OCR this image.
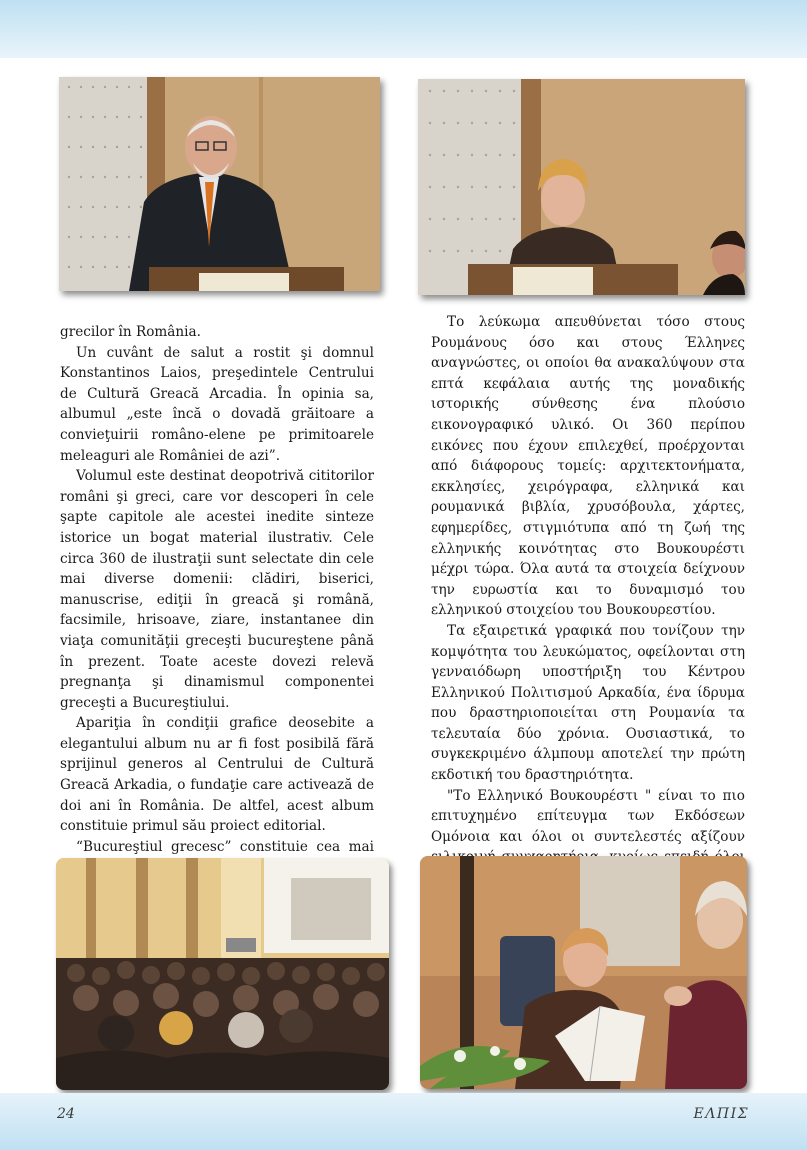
grecilor în România.

Un cuvânt de salut a rostit şi domnul Konstantinos Laios, preşedintele Centrului de Cultură Greacă Arcadia. În opinia sa, albumul „este încă o dovadă grăitoare a convieţuirii româno-elene pe primitoarele meleaguri ale României de azi”.

Volumul este destinat deopotrivă cititorilor români şi greci, care vor descoperi în cele şapte capitole ale acestei inedite sinteze istorice un bogat material ilustrativ. Cele circa 360 de ilustraţii sunt selectate din cele mai diverse domenii: clădiri, biserici, manuscrise, ediţii în greacă şi română, facsimile, hrisoave, ziare, instantanee din viaţa comunităţii greceşti bucureştene până în prezent. Toate aceste dovezi relevă pregnanţa şi dinamismul componentei greceşti a Bucureştiului.

Apariţia în condiţii grafice deosebite a elegantului album nu ar fi fost posibilă fără sprijinul generos al Centrului de Cultură Greacă Arkadia, o fundaţie care activează de doi ani în România. De altfel, acest album constituie primul său proiect editorial.

“Bucureştiul grecesc” constituie cea mai

Το λεύκωμα απευθύνεται τόσο στους Ρουμάνους όσο και στους Έλληνες αναγνώστες, οι οποίοι θα ανακαλύψουν στα επτά κεφάλαια αυτής της μοναδικής ιστορικής σύνθεσης ένα πλούσιο εικονογραφικό υλικό. Οι 360 περίπου εικόνες που έχουν επιλεχθεί, προέρχονται από διάφορους τομείς: αρχιτεκτονήματα, εκκλησίες, χειρόγραφα, ελληνικά και ρουμανικά βιβλία, χρυσόβουλα, χάρτες, εφημερίδες, στιγμιότυπα από τη ζωή της ελληνικής κοινότητας στο Βουκουρέστι μέχρι τώρα. Όλα αυτά τα στοιχεία δείχνουν την ευρωστία και το δυναμισμό του ελληνικού στοιχείου του Βουκουρεστίου.

Τα εξαιρετικά γραφικά που τονίζουν την κομψότητα του λευκώματος, οφείλονται στη γενναιόδωρη υποστήριξη του Κέντρου Ελληνικού Πολιτισμού Αρκαδία, ένα ίδρυμα που δραστηριοποιείται στη Ρουμανία τα τελευταία δύο χρόνια. Ουσιαστικά, το συγκεκριμένο άλμπουμ αποτελεί την πρώτη εκδοτική του δραστηριότητα.

"Το Ελληνικό Βουκουρέστι " είναι το πιο επιτυχημένο επίτευγμα των Εκδόσεων Ομόνοια και όλοι οι συντελεστές αξίζουν

24	ΕΛΠΙΣ
